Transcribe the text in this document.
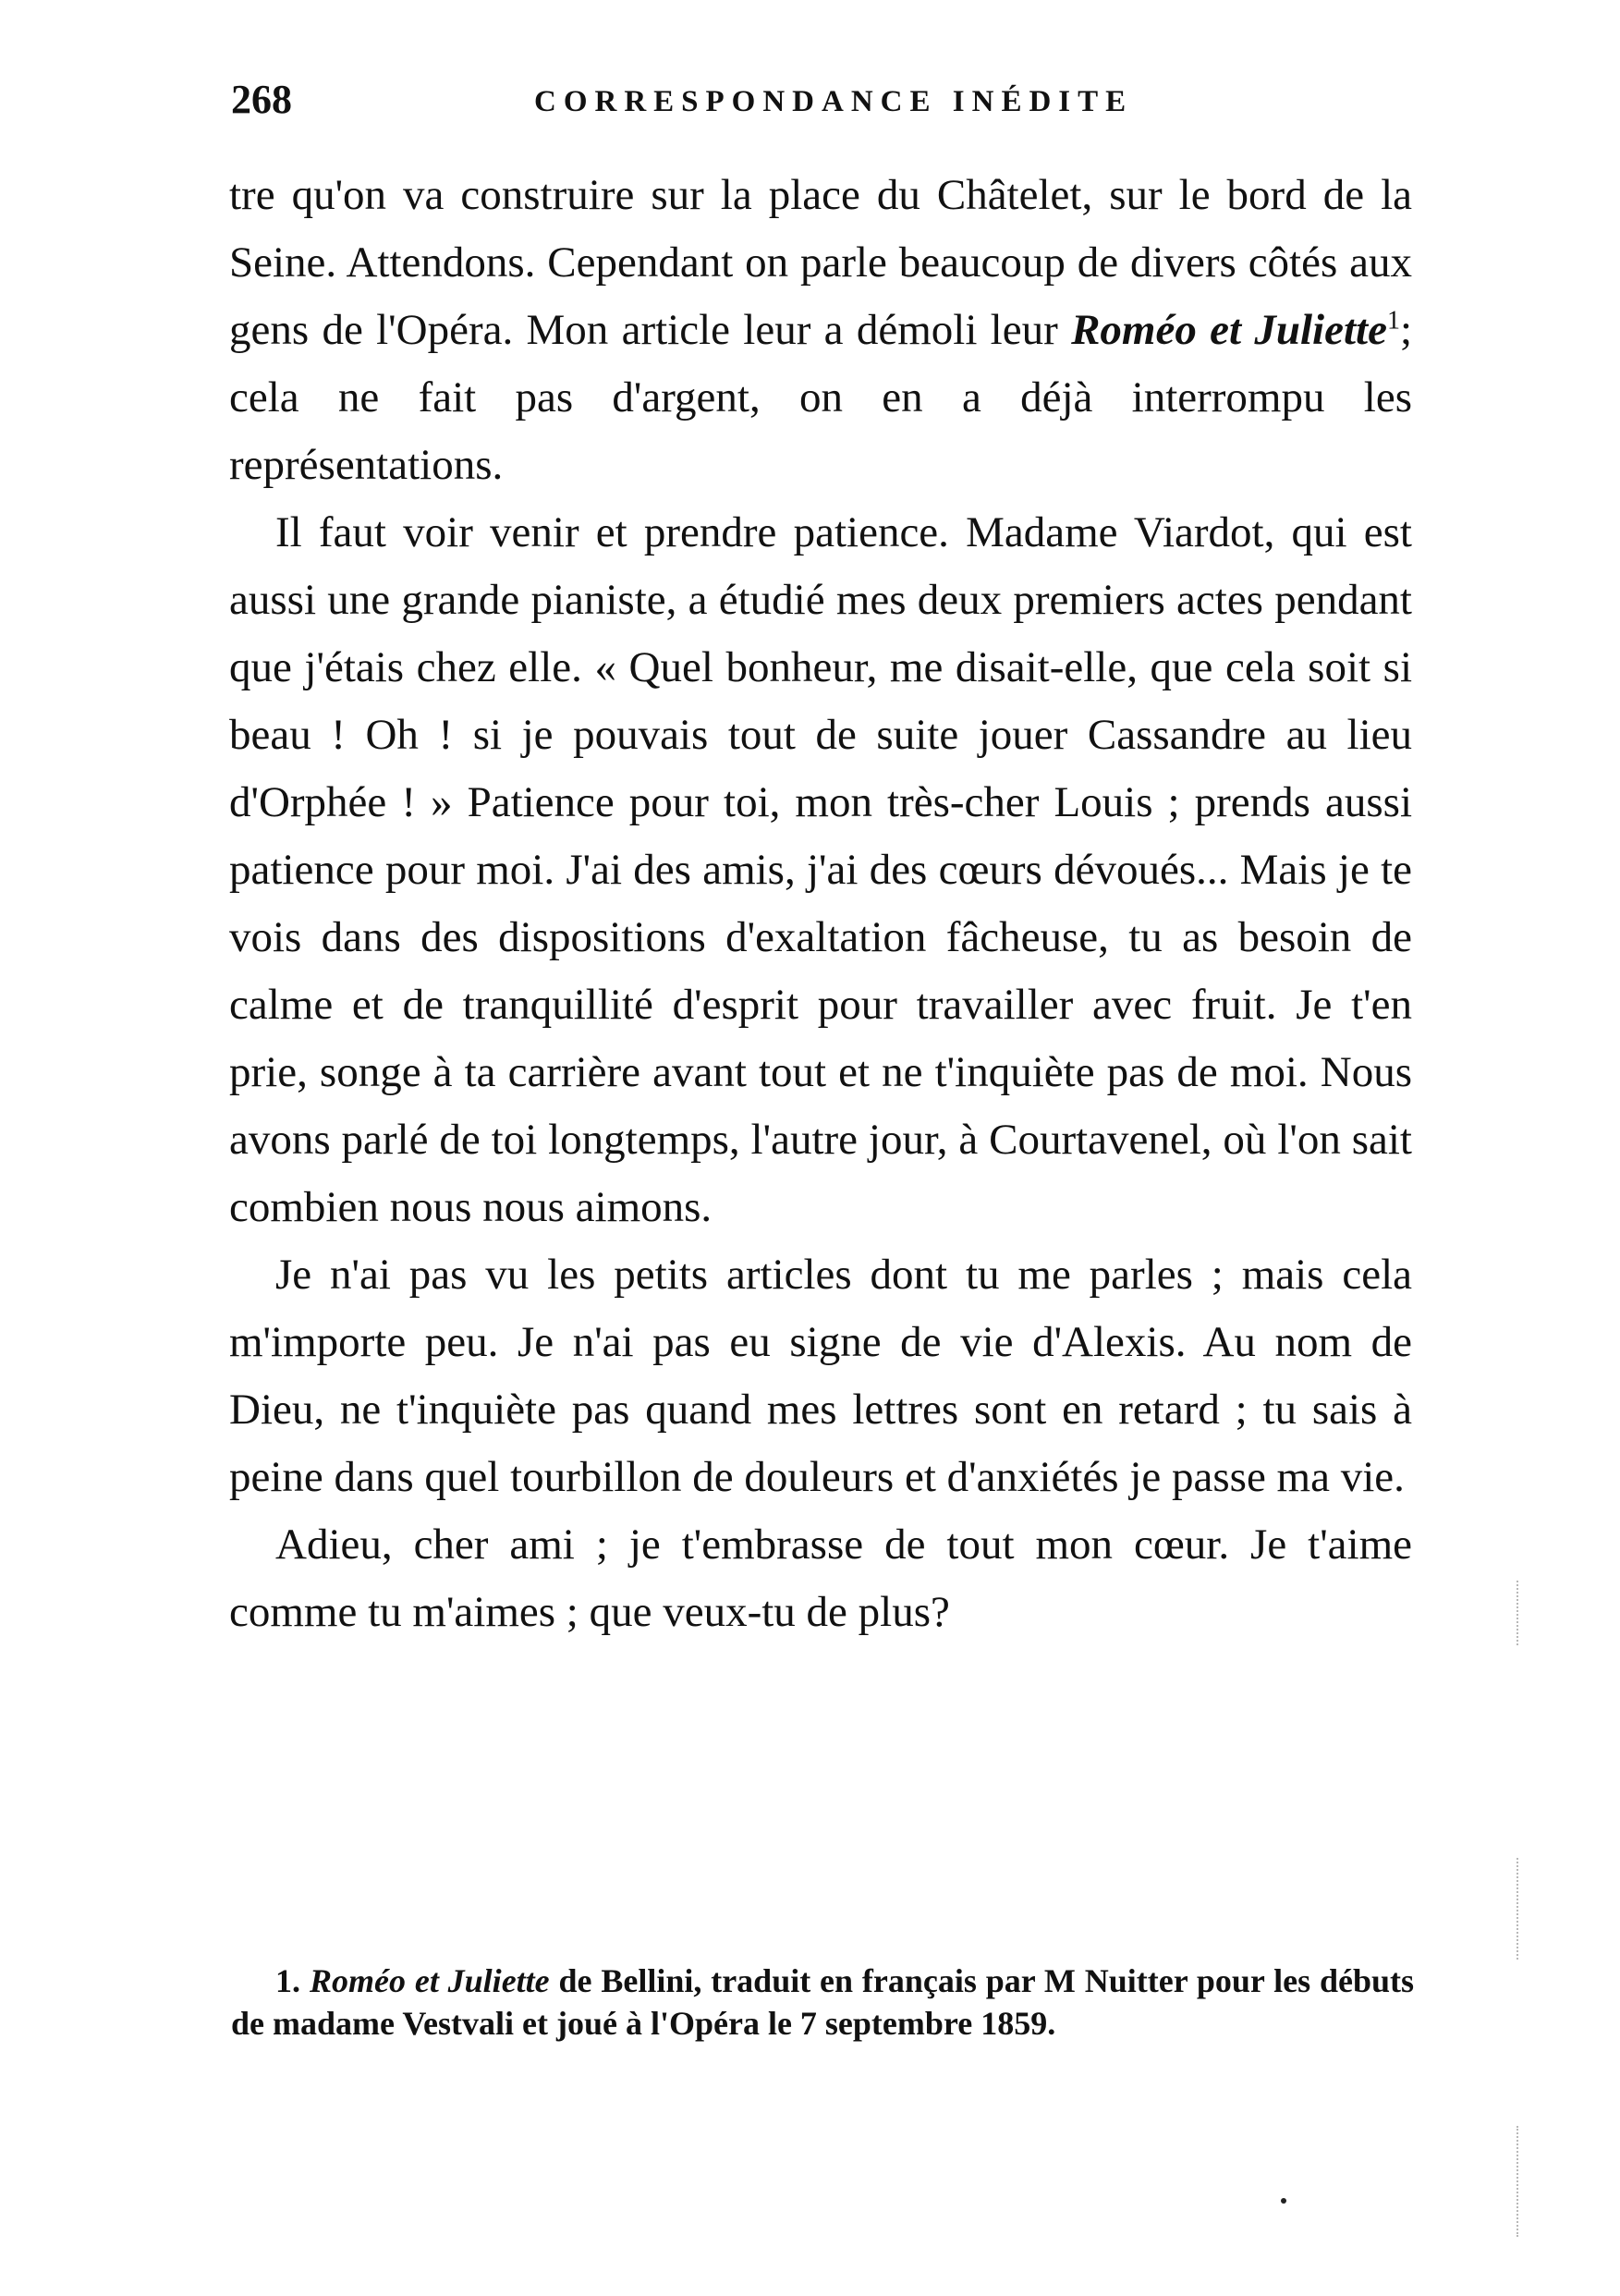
268	CORRESPONDANCE INÉDITE

tre qu'on va construire sur la place du Châtelet, sur le bord de la Seine. Attendons. Cependant on parle beaucoup de divers côtés aux gens de l'Opéra. Mon article leur a démoli leur Roméo et Juliette$^1$; cela ne fait pas d'argent, on en a déjà interrompu les représentations.

Il faut voir venir et prendre patience. Madame Viardot, qui est aussi une grande pianiste, a étudié mes deux premiers actes pendant que j'étais chez elle. « Quel bonheur, me disait-elle, que cela soit si beau ! Oh ! si je pouvais tout de suite jouer Cassandre au lieu d'Orphée ! » Patience pour toi, mon très-cher Louis ; prends aussi patience pour moi. J'ai des amis, j'ai des cœurs dévoués... Mais je te vois dans des dispositions d'exaltation fâcheuse, tu as besoin de calme et de tranquillité d'esprit pour travailler avec fruit. Je t'en prie, songe à ta carrière avant tout et ne t'inquiète pas de moi. Nous avons parlé de toi longtemps, l'autre jour, à Courtavenel, où l'on sait combien nous nous aimons.

Je n'ai pas vu les petits articles dont tu me parles ; mais cela m'importe peu. Je n'ai pas eu signe de vie d'Alexis. Au nom de Dieu, ne t'inquiète pas quand mes lettres sont en retard ; tu sais à peine dans quel tourbillon de douleurs et d'anxiétés je passe ma vie.

Adieu, cher ami ; je t'embrasse de tout mon cœur. Je t'aime comme tu m'aimes ; que veux-tu de plus?

1. Roméo et Juliette de Bellini, traduit en français par M Nuitter pour les débuts de madame Vestvali et joué à l'Opéra le 7 septembre 1859.
